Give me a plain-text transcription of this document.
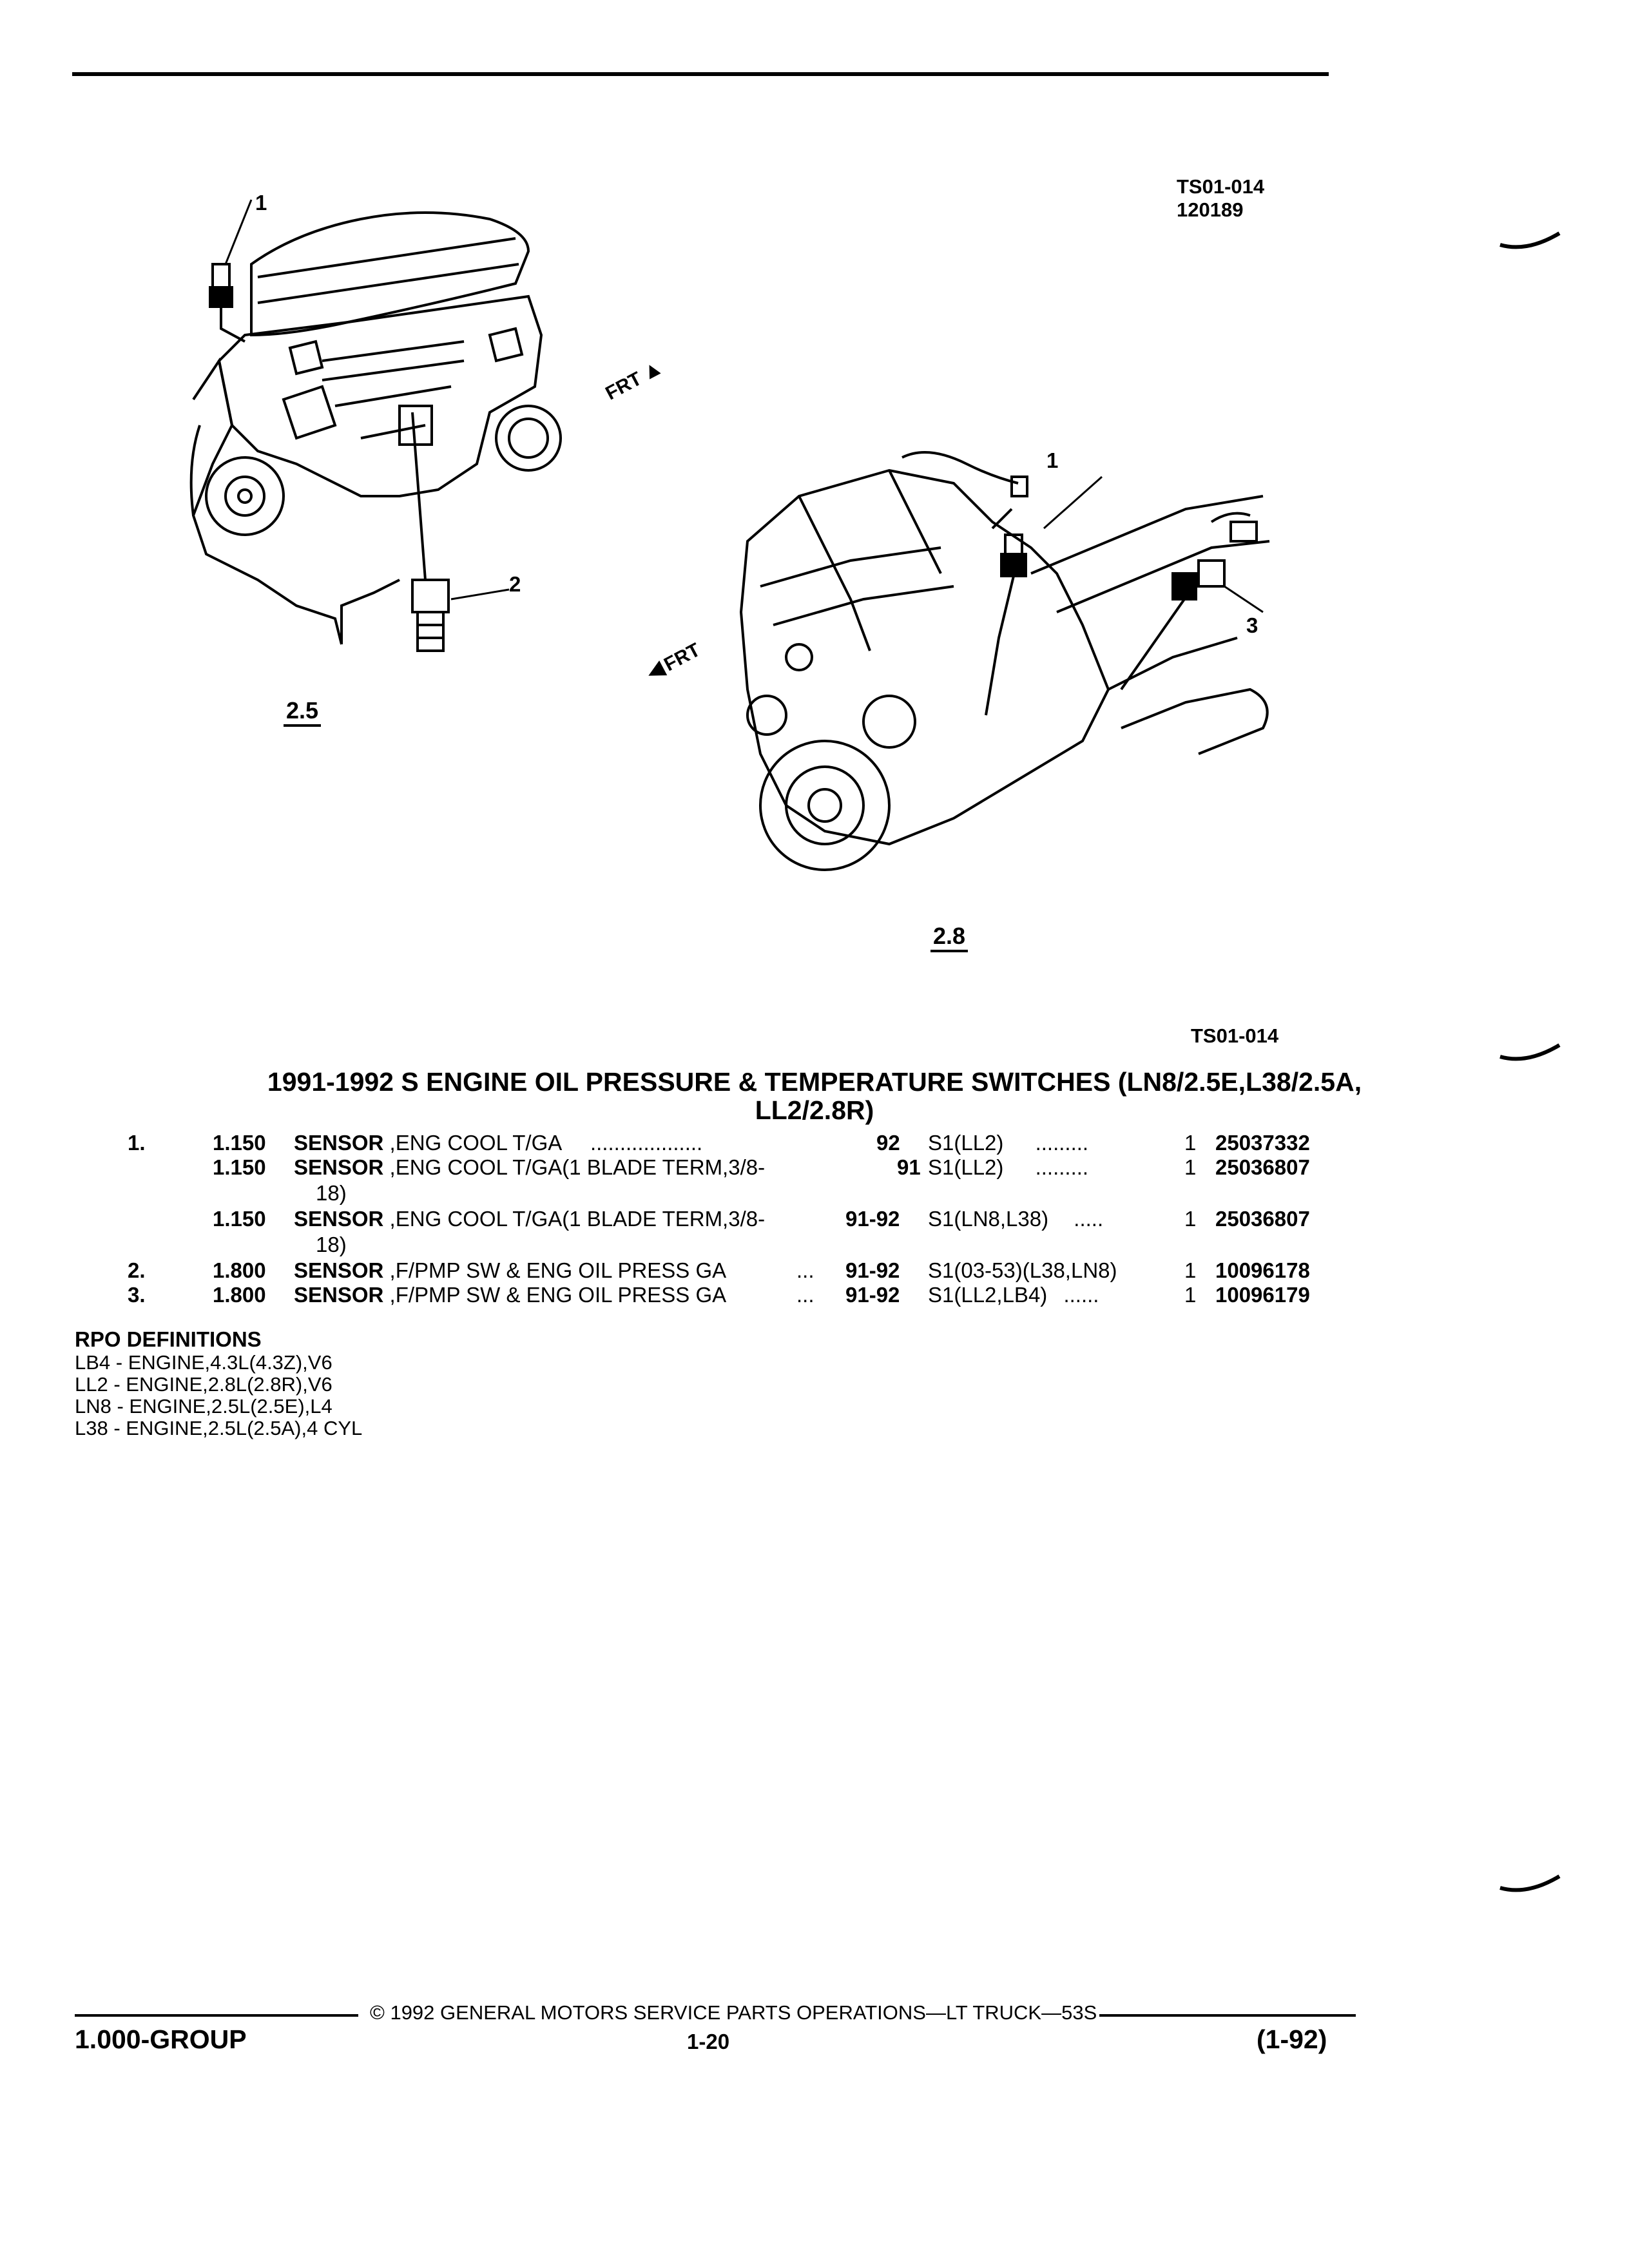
TS01-014
120189
1
2
FRT ▲
2.5
1
3
◀ FRT
2.8
TS01-014
1991-1992 S ENGINE OIL PRESSURE & TEMPERATURE SWITCHES (LN8/2.5E,L38/2.5A,
LL2/2.8R)
1.	1.150 SENSOR ,ENG COOL T/GA ...................	92 S1(LL2) .........	1 25037332
1.150 SENSOR ,ENG COOL T/GA(1 BLADE TERM,3/8-	91 S1(LL2) .........	1 25036807
18)
1.150 SENSOR ,ENG COOL T/GA(1 BLADE TERM,3/8-	91-92 S1(LN8,L38) .....	1 25036807
18)
2.	1.800 SENSOR ,F/PMP SW & ENG OIL PRESS GA	... 91-92 S1(03-53)(L38,LN8)	1 10096178
3.	1.800 SENSOR ,F/PMP SW & ENG OIL PRESS GA	... 91-92 S1(LL2,LB4) ......	1 10096179
RPO DEFINITIONS
LB4 - ENGINE,4.3L(4.3Z),V6
LL2 - ENGINE,2.8L(2.8R),V6
LN8 - ENGINE,2.5L(2.5E),L4
L38 - ENGINE,2.5L(2.5A),4 CYL
© 1992 GENERAL MOTORS SERVICE PARTS OPERATIONS—LT TRUCK—53S
1.000-GROUP	1-20	(1-92)
